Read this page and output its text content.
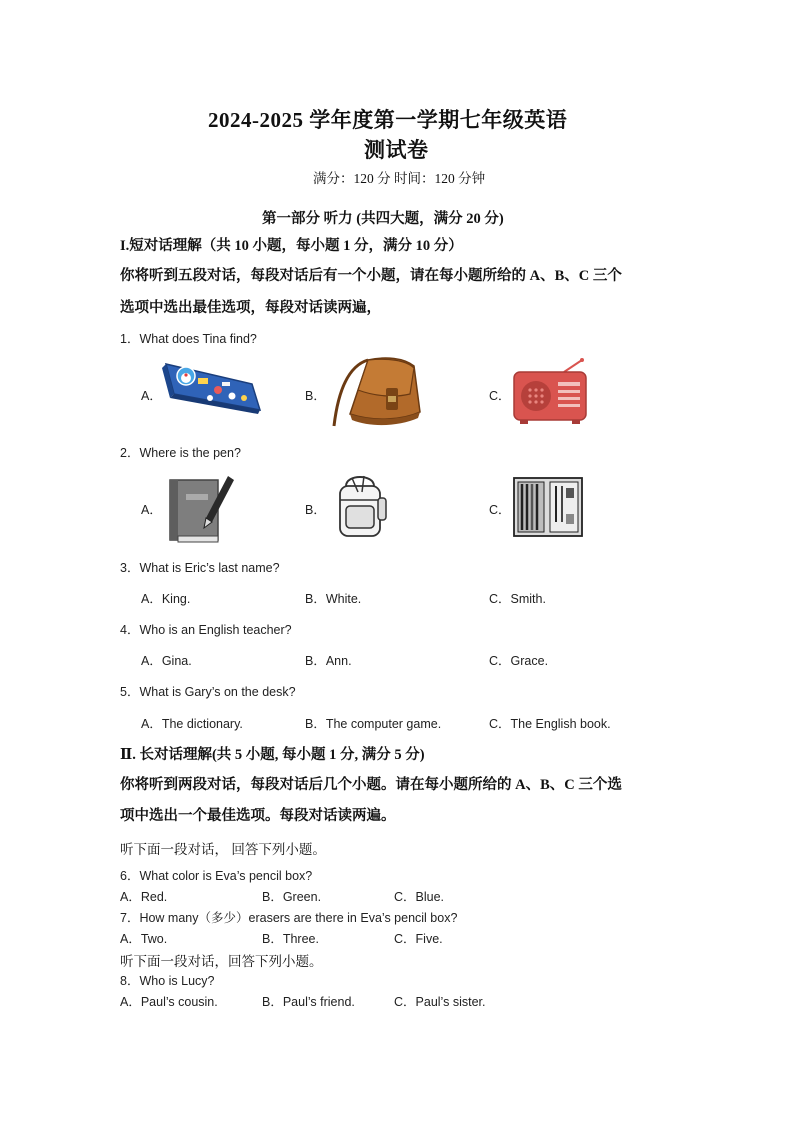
2024-2025 学年度第一学期七年级英语
测试卷
满分：120 分 时间：120 分钟
第一部分 听力 (共四大题，满分 20 分)
I.短对话理解（共 10 小题，每小题 1 分，满分 10 分）
你将听到五段对话，每段对话后有一个小题，请在每小题所给的 A、B、C 三个
选项中选出最佳选项，每段对话读两遍，
1．What does Tina find?
A．	B．	C．
2．Where is the pen?
A．	B．	C．
3．What is Eric’s last name?
A．King.	B．White.	C．Smith.
4．Who is an English teacher?
A．Gina.	B．Ann.	C．Grace.
5．What is Gary’s on the desk?
A．The dictionary.	B．The computer game.	C．The English book.
Ⅱ. 长对话理解(共 5 小题, 每小题 1 分, 满分 5 分)
你将听到两段对话，每段对话后几个小题。请在每小题所给的 A、B、C 三个选
项中选出一个最佳选项。每段对话读两遍。
听下面一段对话， 回答下列小题。
6．What color is Eva’s pencil box?
A．Red.	B．Green.	C．Blue.
7．How many（多少）erasers are there in Eva’s pencil box?
A．Two.	B．Three.	C．Five.
听下面一段对话，回答下列小题。
8．Who is Lucy?
A．Paul’s cousin.	B．Paul’s friend.	C．Paul’s sister.
